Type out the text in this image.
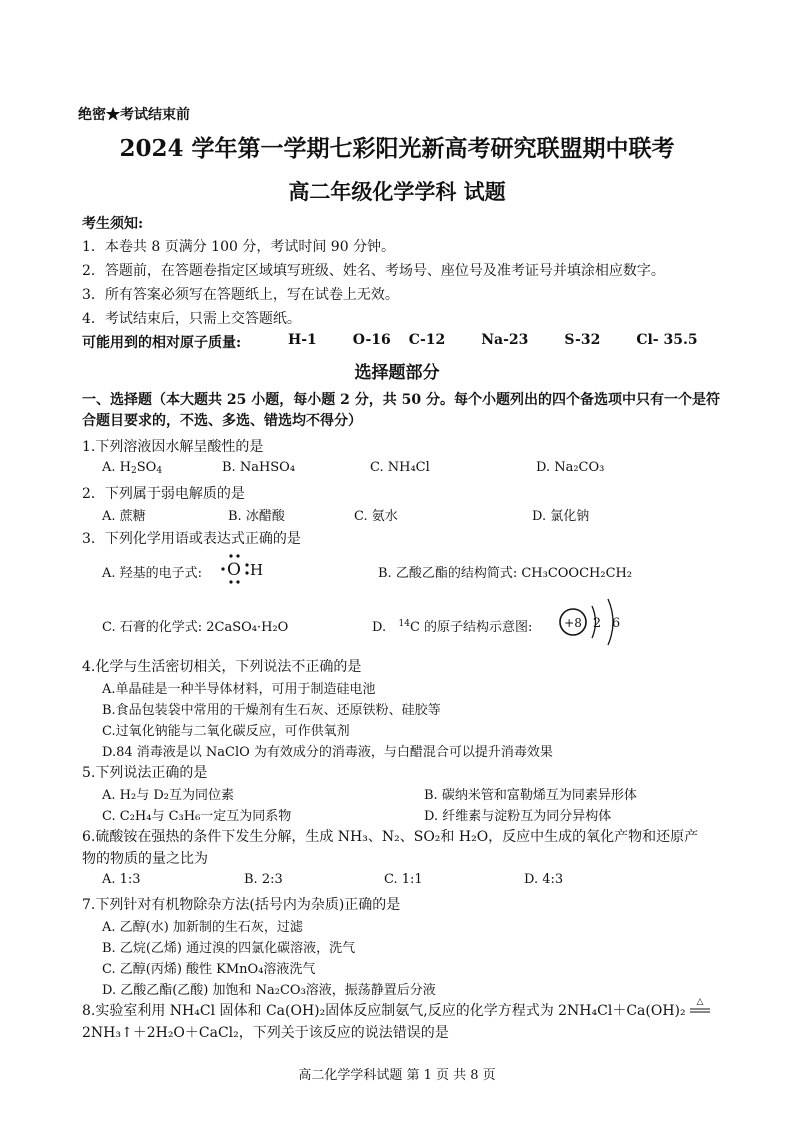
绝密★考试结束前
2024 学年第一学期七彩阳光新高考研究联盟期中联考
高二年级化学学科 试题
考生须知:
1．本卷共 8 页满分 100 分，考试时间 90 分钟。
2．答题前，在答题卷指定区域填写班级、姓名、考场号、座位号及准考证号并填涂相应数字。
3．所有答案必须写在答题纸上，写在试卷上无效。
4．考试结束后，只需上交答题纸。
可能用到的相对原子质量:	H-1	O-16 C-12	Na-23	S-32	Cl- 35.5
选择题部分
一、选择题（本大题共 25 小题，每小题 2 分，共 50 分。每个小题列出的四个备选项中只有一个是符合题目要求的，不选、多选、错选均不得分）
1.下列溶液因水解呈酸性的是
A. $H_2SO_4$	B. NaHSO₄	C. NH₄Cl	D. Na₂CO₃
2．下列属于弱电解质的是
A. 蔗糖	B. 冰醋酸	C. 氨水	D. 氯化钠
3．下列化学用语或表达式正确的是
A. 羟基的电子式: O H	B. 乙酸乙酯的结构简式: CH₃COOCH₂CH₂
C. 石膏的化学式: 2CaSO₄·H₂O	D. $^{14}$C 的原子结构示意图:	+8 2 6
4.化学与生活密切相关，下列说法不正确的是
A.单晶硅是一种半导体材料，可用于制造硅电池
B.食品包装袋中常用的干燥剂有生石灰、还原铁粉、硅胶等
C.过氧化钠能与二氧化碳反应，可作供氧剂
D.84 消毒液是以 NaClO 为有效成分的消毒液，与白醋混合可以提升消毒效果
5.下列说法正确的是
A. H₂与 D₂互为同位素	B. 碳纳米管和富勒烯互为同素异形体
C. C₂H₄与 C₃H₆一定互为同系物	D. 纤维素与淀粉互为同分异构体
6.硫酸铵在强热的条件下发生分解，生成 NH₃、N₂、SO₂和 H₂O，反应中生成的氧化产物和还原产
物的物质的量之比为
A. 1:3	B. 2:3	C. 1:1	D. 4:3
7.下列针对有机物除杂方法(括号内为杂质)正确的是
A. 乙醇(水) 加新制的生石灰，过滤
B. 乙烷(乙烯) 通过溴的四氯化碳溶液，洗气
C. 乙醇(丙烯) 酸性 KMnO₄溶液洗气
D. 乙酸乙酯(乙酸) 加饱和 Na₂CO₃溶液，振荡静置后分液
8.实验室利用 NH₄Cl 固体和 Ca(OH)₂固体反应制氨气,反应的化学方程式为 2NH₄Cl＋Ca(OH)₂
△
2NH₃↑＋2H₂O＋CaCl₂，下列关于该反应的说法错误的是
高二化学学科试题 第 1 页 共 8 页
